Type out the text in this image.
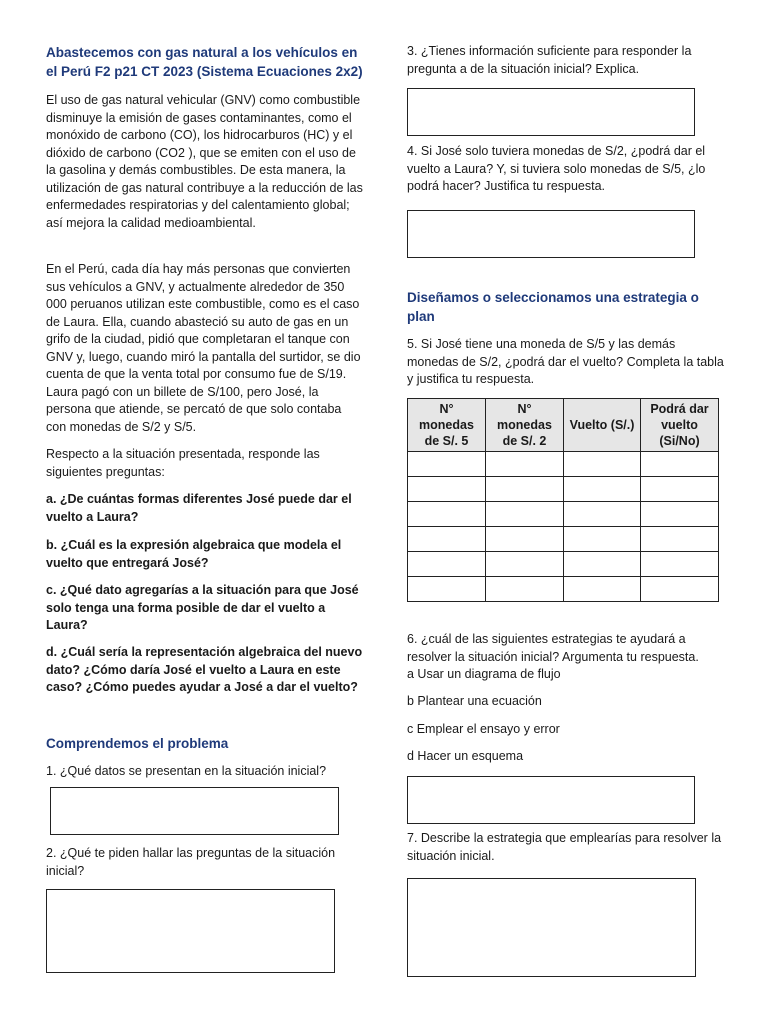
Abastecemos con gas natural a los vehículos en el Perú F2 p21 CT 2023 (Sistema Ecuaciones 2x2)

El uso de gas natural vehicular (GNV) como combustible disminuye la emisión de gases contaminantes, como el monóxido de carbono (CO), los hidrocarburos (HC) y el dióxido de carbono (CO2 ), que se emiten con el uso de la gasolina y demás combustibles. De esta manera, la utilización de gas natural contribuye a la reducción de las enfermedades respiratorias y del calentamiento global; así mejora la calidad medioambiental.

En el Perú, cada día hay más personas que convierten sus vehículos a GNV, y actualmente alrededor de 350 000 peruanos utilizan este combustible, como es el caso de Laura. Ella, cuando abasteció su auto de gas en un grifo de la ciudad, pidió que completaran el tanque con GNV y, luego, cuando miró la pantalla del surtidor, se dio cuenta de que la venta total por consumo fue de S/19. Laura pagó con un billete de S/100, pero José, la persona que atiende, se percató de que solo contaba con monedas de S/2 y S/5.

Respecto a la situación presentada, responde las siguientes preguntas:

a. ¿De cuántas formas diferentes José puede dar el vuelto a Laura?

b. ¿Cuál es la expresión algebraica que modela el vuelto que entregará José?

c. ¿Qué dato agregarías a la situación para que José solo tenga una forma posible de dar el vuelto a Laura?

d. ¿Cuál sería la representación algebraica del nuevo dato? ¿Cómo daría José el vuelto a Laura en este caso? ¿Cómo puedes ayudar a José a dar el vuelto?

Comprendemos el problema

1. ¿Qué datos se presentan en la situación inicial?

2. ¿Qué te piden hallar las preguntas de la situación inicial?

3. ¿Tienes información suficiente para responder la pregunta a de la situación inicial? Explica.

4. Si José solo tuviera monedas de S/2, ¿podrá dar el vuelto a Laura? Y, si tuviera solo monedas de S/5, ¿lo podrá hacer? Justifica tu respuesta.

Diseñamos o seleccionamos una estrategia o plan

5. Si José tiene una moneda de S/5 y las demás monedas de S/2, ¿podrá dar el vuelto? Completa la tabla y justifica tu respuesta.

N° monedas de S/. 5	N° monedas de S/. 2	Vuelto (S/.)	Podrá dar vuelto (Si/No)

6. ¿cuál de las siguientes estrategias te ayudará a resolver la situación inicial? Argumenta tu respuesta.

a Usar un diagrama de flujo

b Plantear una ecuación

c Emplear el ensayo y error

d Hacer un esquema

7. Describe la estrategia que emplearías para resolver la situación inicial.
